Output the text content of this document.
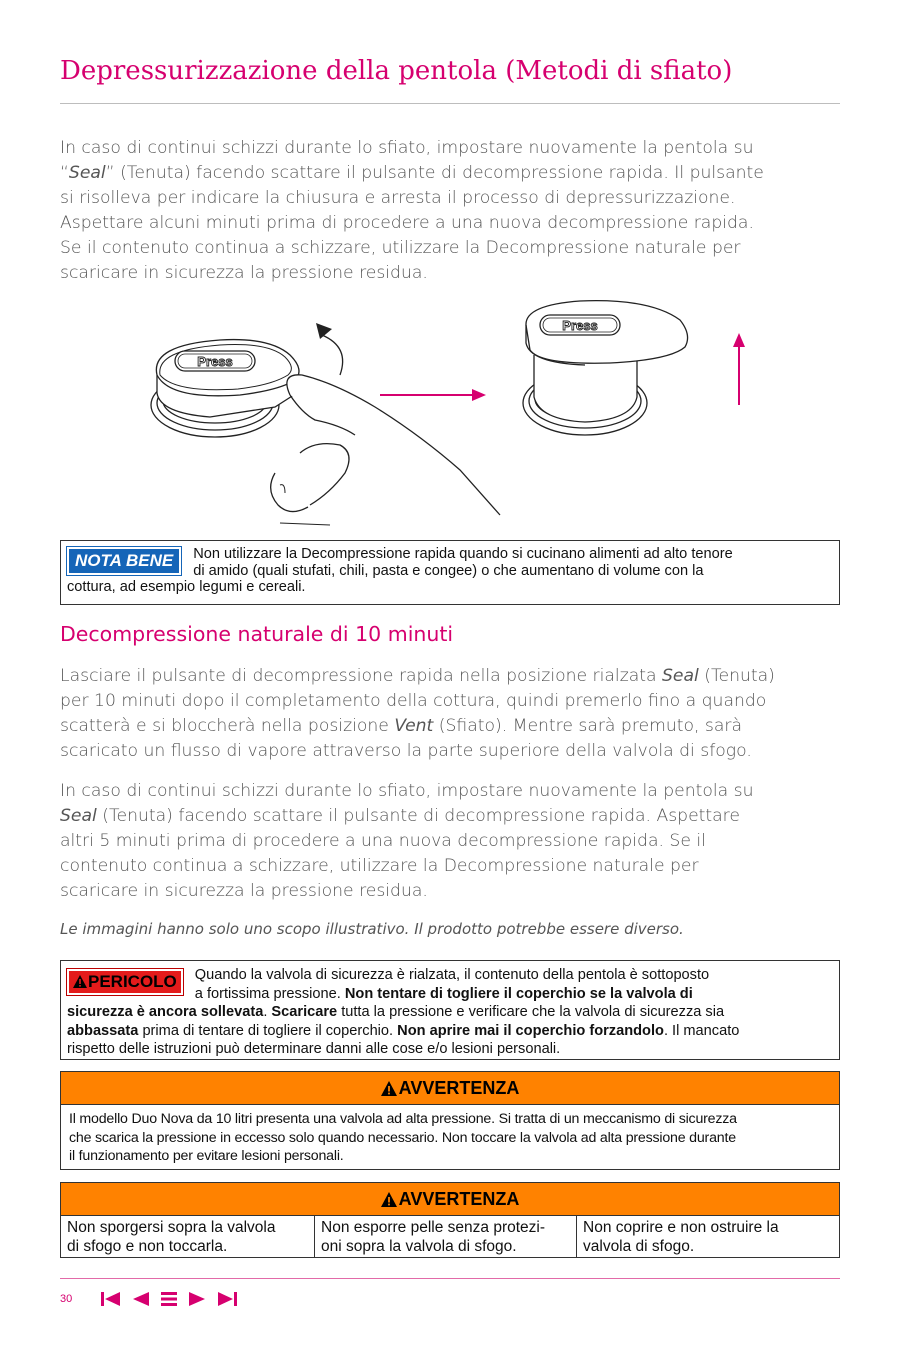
Depressurizzazione della pentola (Metodi di sfiato)

In caso di continui schizzi durante lo sfiato, impostare nuovamente la pentola su
“Seal” (Tenuta) facendo scattare il pulsante di decompressione rapida. Il pulsante
si risolleva per indicare la chiusura e arresta il processo di depressurizzazione.
Aspettare alcuni minuti prima di procedere a una nuova decompressione rapida.
Se il contenuto continua a schizzare, utilizzare la Decompressione naturale per
scaricare in sicurezza la pressione residua.

Press
Press
NOTA BENE	Non utilizzare la Decompressione rapida quando si cucinano alimenti ad alto tenore
di amido (quali stufati, chili, pasta e congee) o che aumentano di volume con la
cottura, ad esempio legumi e cereali.
Decompressione naturale di 10 minuti

Lasciare il pulsante di decompressione rapida nella posizione rialzata Seal (Tenuta)
per 10 minuti dopo il completamento della cottura, quindi premerlo fino a quando
scatterà e si bloccherà nella posizione Vent (Sfiato). Mentre sarà premuto, sarà
scaricato un flusso di vapore attraverso la parte superiore della valvola di sfogo.

In caso di continui schizzi durante lo sfiato, impostare nuovamente la pentola su
Seal (Tenuta) facendo scattare il pulsante di decompressione rapida. Aspettare
altri 5 minuti prima di procedere a una nuova decompressione rapida. Se il
contenuto continua a schizzare, utilizzare la Decompressione naturale per
scaricare in sicurezza la pressione residua.

Le immagini hanno solo uno scopo illustrativo. Il prodotto potrebbe essere diverso.

PERICOLO	Quando la valvola di sicurezza è rialzata, il contenuto della pentola è sottoposto
a fortissima pressione. Non tentare di togliere il coperchio se la valvola di
sicurezza è ancora sollevata. Scaricare tutta la pressione e verificare che la valvola di sicurezza sia
abbassata prima di tentare di togliere il coperchio. Non aprire mai il coperchio forzandolo. Il mancato
rispetto delle istruzioni può determinare danni alle cose e/o lesioni personali.
AVVERTENZA
Il modello Duo Nova da 10 litri presenta una valvola ad alta pressione. Si tratta di un meccanismo di sicurezza
che scarica la pressione in eccesso solo quando necessario. Non toccare la valvola ad alta pressione durante
il funzionamento per evitare lesioni personali.
AVVERTENZA
Non sporgersi sopra la valvola
di sfogo e non toccarla.
Non esporre pelle senza protezi-
oni sopra la valvola di sfogo.
Non coprire e non ostruire la
valvola di sfogo.
30
